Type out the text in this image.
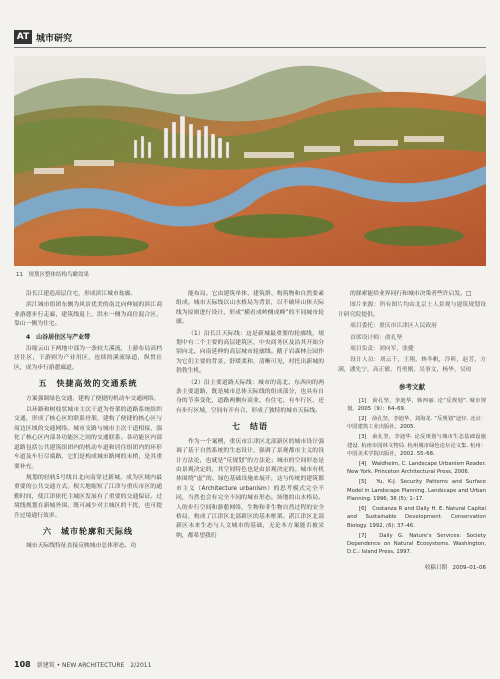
AT 城市研究
11　规划区整体结构鸟瞰效果

沿长江建造高层住宅，形成滨江城市盆廓。

滨江城市组团东侧为风景优美的南北向伸展的滨江商业游憩步行走廊，建筑线退上，洪水一侧为商住混合区，靠山一侧为住宅。

4　山谷居住区与产业带

沿缩云山下两地中部为一条较大溪流，上游布局高档居住区，下游则为产业用区，连续的溪流绿道，纵贯社区，成为步行游憩廊道。

五　快捷高效的交通系统

方案强调绿色交通，建构了便捷的机动车交通网络。

以环路和树枝状城市主次干道为骨架的道路系统组织交通，形成了核心区的联系骨架，建构了便捷的核心区与周边区域的交通网络。城市支路与城市主次干道相接，强化了核心区内部各功能区之间的交通联系。各功能区内部道路包括公共建筑组团内的机动车道和居住组团内的环形车道及车行尽端路，它们是构成城市路网的末梢，是其重要补充。

规划的轻轨5号线自北向南穿过新城，成为区域内最重要的公共交通方式。根大地缩短了江津与重庆市区的通勤时间，使江津依托主城区发展有了重要的交通保证。过境线规划在新城外围，既可减少对主城区的干扰，也可提升过境通行效率。

六　城市轮廓和天际线

城市天际线特征直接反映城市总体形态、功

能布局。它由建筑单体、建筑群、构筑物和自然要素组成。城市天际线以山水格局为背景，以不破坏山体天际线为原则进行设计，形成“横看成岭侧成峰”的不同城市轮廓。

（1）沿长江天际线：这是新城最重要的轮廓线，规划中有二个主要的高层建筑区，中央商务区及沿其开始分别向北、向南延伸的高层城市轮廓线。鹅子岩森林公园作为它们主要的背景，舒缓柔和，清晰可见，衬托出新城的勃勃生机。

（2）沿主要道路天际线：城市的南北、东西向的两条主要道路，既是城市总体天际线的组成部分，也具有自身的节奏变化，道路两侧有商业，有住宅、有车行区，还有步行区域，空间有开有合，形成了独特的城市天际线。

七　结语

作为一个案例，重庆市江津区北部新区的城市设计强调了基于自然系统的生态设计，强调了景观都市主义的设计方法论，也就是“反规划”的方法论；城市的空间形态是由景观决定的，其空间特色也是由景观决定的。城市有机体围绕“虚”的、绿色基础设施来展开，这与传统的建筑都市主义（Architecture urbanism）的思考模式完全不同，当然也会有完全不同的城市形态。场地的山水格局、人的步行空间和游憩网络，生物和非生物自然过程的安全格局，构成了江津区北部新区的基本框架。湛江津区北部新区未来生态与人文城市的基础，无论本方案能否被采纳，都希望我们

的探索能给业界同行和城市决策者些许启发。□

图片来源：所有图片均由北京土人景观与建筑规划设计研究院提供。

项目委托：重庆市江津区人民政府

首席设计师：俞孔坚

项目负责：刘向军，张健

设计人员：刘云千，王翔，林冬帆，冷昕，赵芳，方满，潘先宁，高正敏，肖勇刚，吴事文，杨华，吴琼

参考文献

[1]　俞孔坚，李迪华，韩西丽. 论“反规划”. 城市规划，2005（9）：64–69.

[2]　俞孔坚，李迪华，刘海龙. “反规划”途径. 北京：中国建筑工业出版社，2005.

[3]　俞孔坚，李迪华. 论反规划与城市生态基础设施建设. 杭州市园林文物局. 杭州城市绿色论坛论文集. 杭州：中国美术学院出版社，2002. 55–68.

[4]　Waldheim, C. Landscape Urbanism Reader. New York. Princeton Architectural Press, 2006.

[5]　Yu, K-J. Security Patterns and Surface Model in Landscape Planning. Landscape and Urban Planning. 1996, 36 (5): 1–17.

[6]　Costanza R and Daily H. E. Natural Capital and Sustainable Development. Conservation Biology. 1992, (6): 37–46.

[7]　Daily G. Nature’s Services: Society Dependence on Natural Ecosystems. Washington, D.C.: Island Press, 1997.

收稿日期　2009–01–06
108 新建筑 • NEW ARCHITECTURE　2/2011
